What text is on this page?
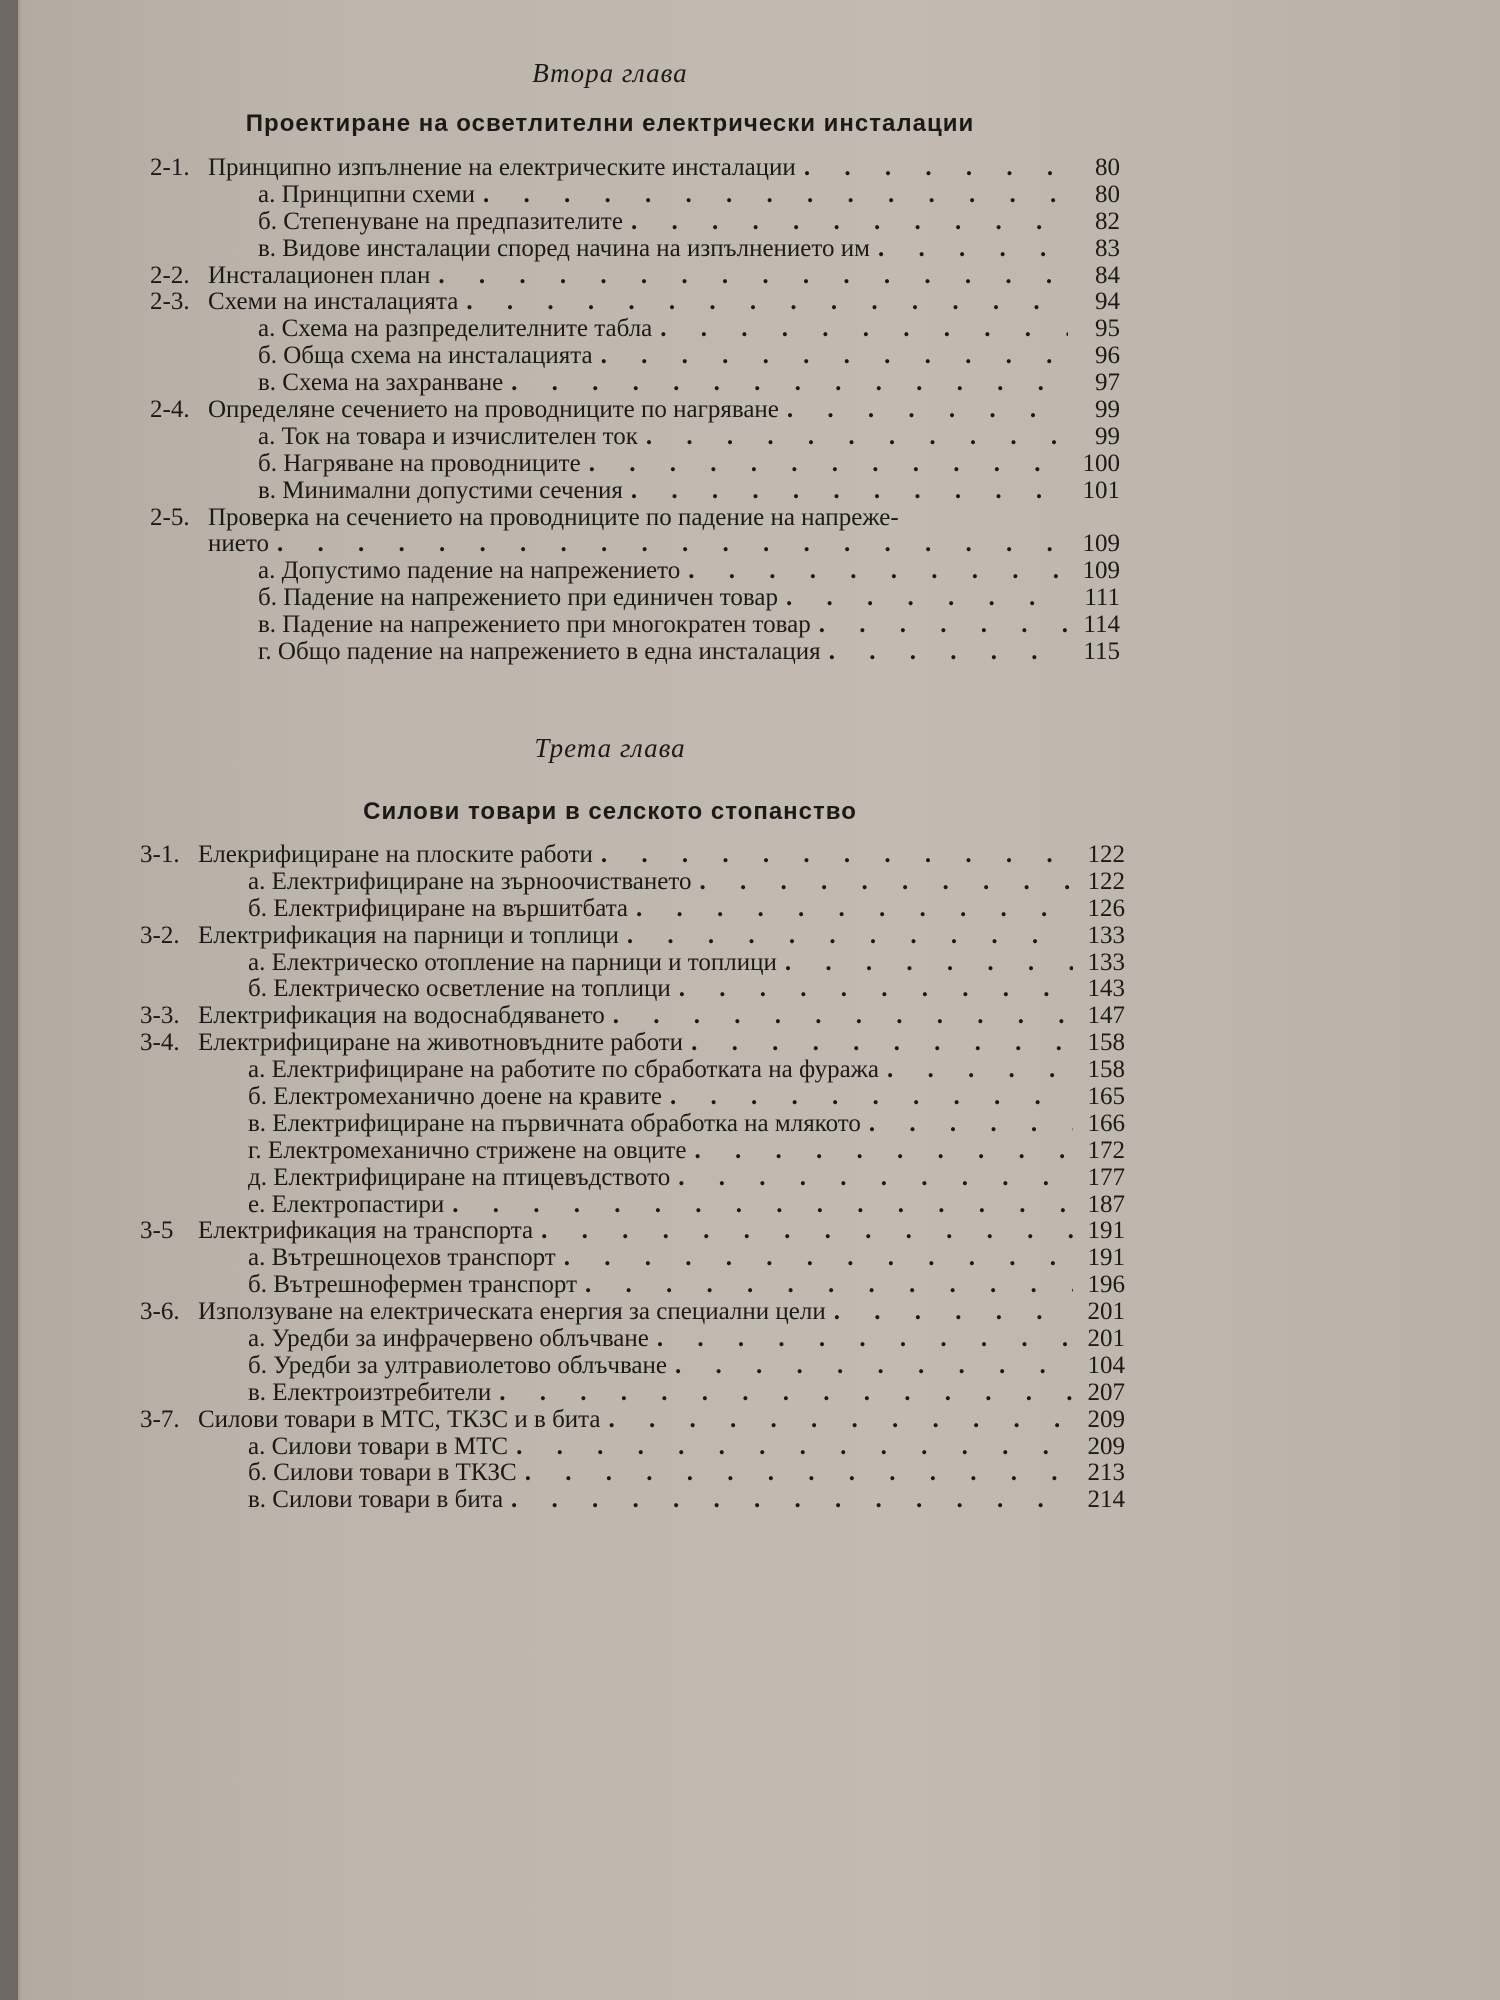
Втора глава
Проектиране на осветлителни електрически инсталации
2-1. Принципно изпълнение на електрическите инсталации . . .	80
а. Принципни схеми . . .	80
б. Степенуване на предпазителите . . .	82
в. Видове инсталации според начина на изпълнението им . . .	83
2-2. Инсталационен план . . .	84
2-3. Схеми на инсталацията . . .	94
а. Схема на разпределителните табла . . .	95
б. Обща схема на инсталацията . . .	96
в. Схема на захранване . . .	97
2-4. Определяне сечението на проводниците по нагряване . . .	99
а. Ток на товара и изчислителен ток . . .	99
б. Нагряване на проводниците . . .	100
в. Минимални допустими сечения . . .	101
2-5. Проверка на сечението на проводниците по падение на напреже-
нието . . .	109
а. Допустимо падение на напрежението . . .	109
б. Падение на напрежението при единичен товар . . .	111
в. Падение на напрежението при многократен товар . . .	114
г. Общо падение на напрежението в една инсталация . . .	115
Трета глава
Силови товари в селското стопанство
3-1. Елекрифициране на плоските работи . . .	122
а. Електрифициране на зърноочистването . . .	122
б. Електрифициране на вършитбата . . .	126
3-2. Електрификация на парници и топлици . . .	133
а. Електрическо отопление на парници и топлици . . .	133
б. Електрическо осветление на топлици . . .	143
3-3. Електрификация на водоснабдяването . . .	147
3-4. Електрифициране на животновъдните работи . . .	158
а. Електрифициране на работите по сбработката на фуража . . .	158
б. Електромеханично доене на кравите . . .	165
в. Електрифициране на първичната обработка на млякото . . .	166
г. Електромеханично стрижене на овците . . .	172
д. Електрифициране на птицевъдството . . .	177
е. Електропастири . . .	187
3-5 Електрификация на транспорта . . .	191
а. Вътрешноцехов транспорт . . .	191
б. Вътрешнофермен транспорт . . .	196
3-6. Използуване на електрическата енергия за специални цели . . .	201
а. Уредби за инфрачервено облъчване . . .	201
б. Уредби за ултравиолетово облъчване . . .	104
в. Електроизтребители . . .	207
3-7. Силови товари в МТС, ТКЗС и в бита . . .	209
а. Силови товари в МТС . . .	209
б. Силови товари в ТКЗС . . .	213
в. Силови товари в бита . . .	214
